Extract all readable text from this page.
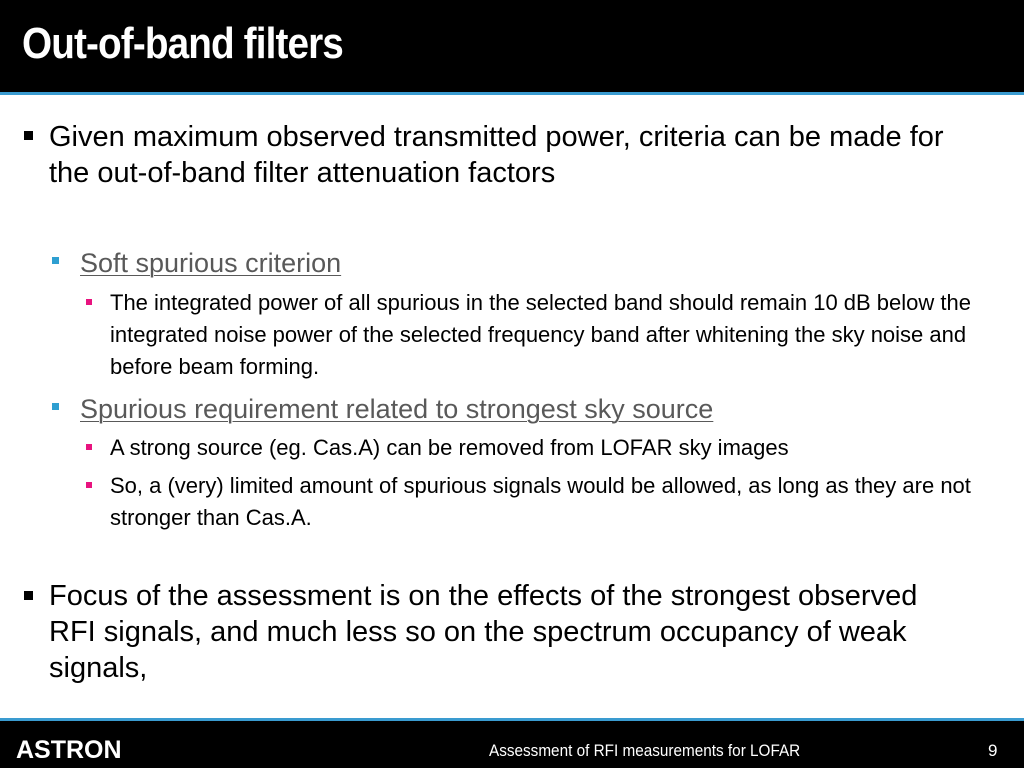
Out-of-band filters
Given maximum observed transmitted power, criteria can be made for the out-of-band filter attenuation factors
Soft spurious criterion
The integrated power of all spurious in the selected band should remain 10 dB below the integrated noise power of the selected frequency band after whitening the sky noise and before beam forming.
Spurious requirement related to strongest sky source
A strong source (eg. Cas.A) can be removed from LOFAR sky images
So, a (very) limited amount of spurious signals would be allowed, as long as they are not stronger than Cas.A.
Focus of the assessment is on the effects of the strongest observed RFI signals, and much less so on the spectrum occupancy of weak signals,
ASTRON	Assessment of RFI measurements for LOFAR	9
